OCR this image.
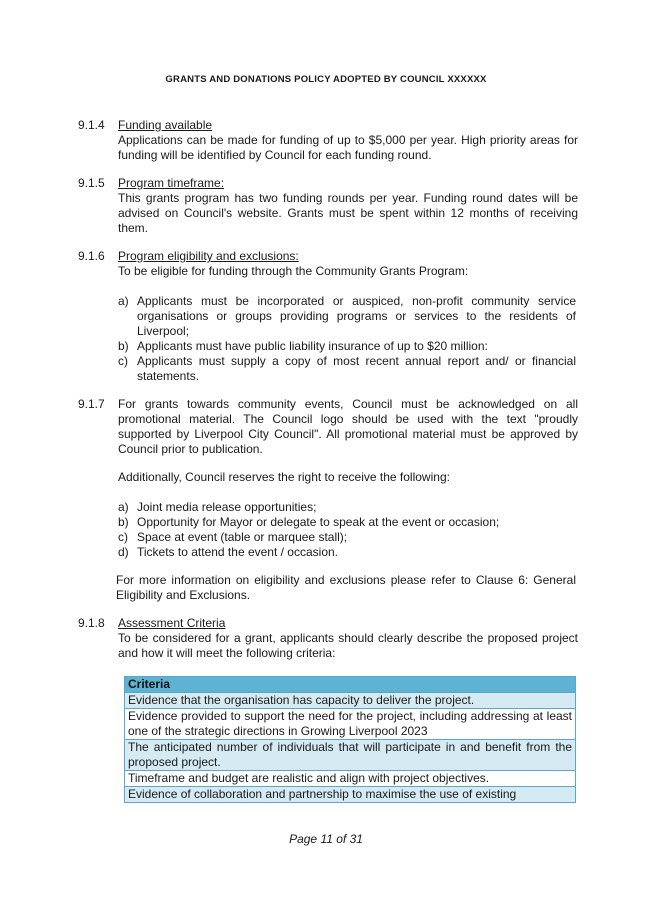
GRANTS AND DONATIONS POLICY ADOPTED BY COUNCIL XXXXXX
9.1.4	Funding available

Applications can be made for funding of up to $5,000 per year. High priority areas for funding will be identified by Council for each funding round.

9.1.5	Program timeframe:

This grants program has two funding rounds per year. Funding round dates will be advised on Council's website. Grants must be spent within 12 months of receiving them.

9.1.6	Program eligibility and exclusions:

To be eligible for funding through the Community Grants Program:

a) Applicants must be incorporated or auspiced, non-profit community service organisations or groups providing programs or services to the residents of Liverpool;
b) Applicants must have public liability insurance of up to $20 million:
c) Applicants must supply a copy of most recent annual report and/ or financial statements.
9.1.7	For grants towards community events, Council must be acknowledged on all promotional material. The Council logo should be used with the text "proudly supported by Liverpool City Council". All promotional material must be approved by Council prior to publication.

Additionally, Council reserves the right to receive the following:
a) Joint media release opportunities;
b) Opportunity for Mayor or delegate to speak at the event or occasion;
c) Space at event (table or marquee stall);
d) Tickets to attend the event / occasion.
For more information on eligibility and exclusions please refer to Clause 6: General Eligibility and Exclusions.
9.1.8	Assessment Criteria

To be considered for a grant, applicants should clearly describe the proposed project and how it will meet the following criteria:

Criteria
Evidence that the organisation has capacity to deliver the project.
Evidence provided to support the need for the project, including addressing at least one of the strategic directions in Growing Liverpool 2023
The anticipated number of individuals that will participate in and benefit from the proposed project.
Timeframe and budget are realistic and align with project objectives.
Evidence of collaboration and partnership to maximise the use of existing
Page 11 of 31
